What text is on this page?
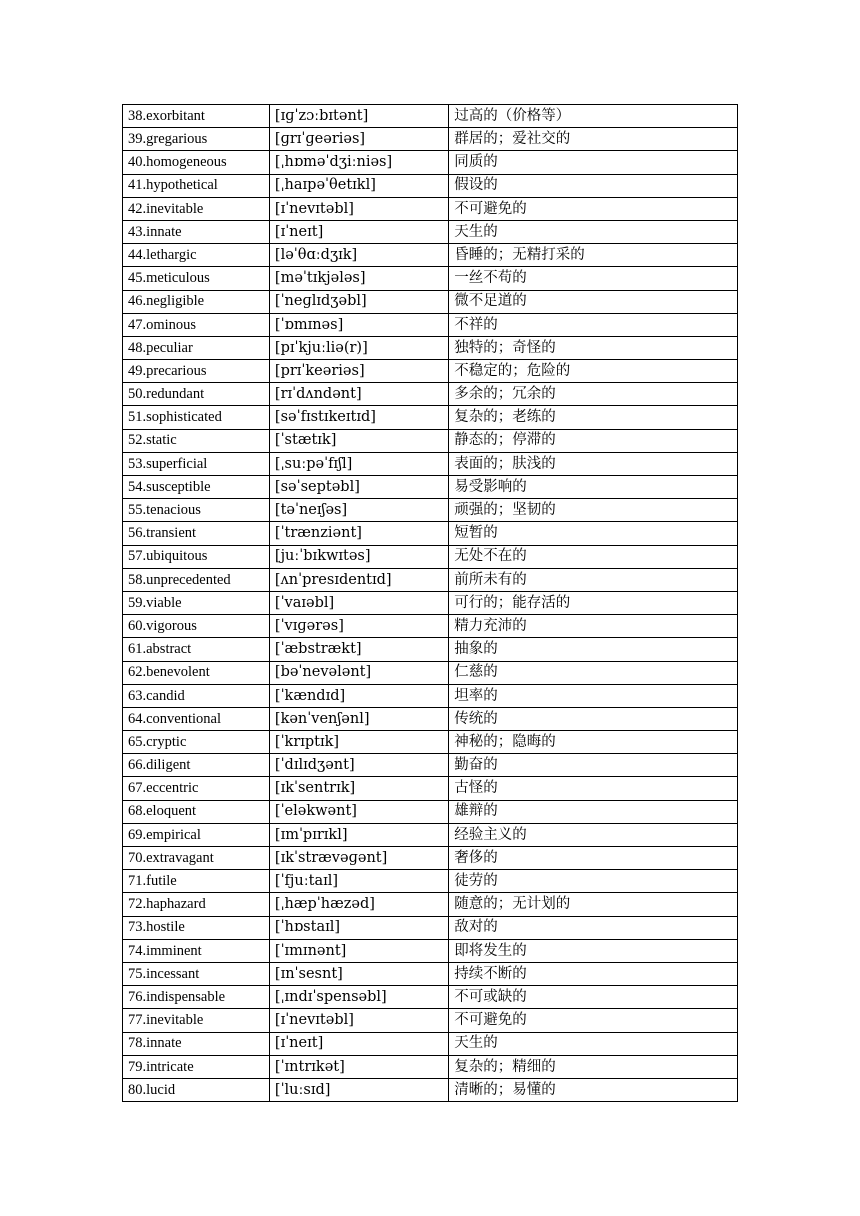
38.exorbitant	[ɪɡˈzɔːbɪtənt]	过高的（价格等）
39.gregarious	[ɡrɪˈɡeəriəs]	群居的；爱社交的
40.homogeneous	[ˌhɒməˈdʒiːniəs]	同质的
41.hypothetical	[ˌhaɪpəˈθetɪkl]	假设的
42.inevitable	[ɪˈnevɪtəbl]	不可避免的
43.innate	[ɪˈneɪt]	天生的
44.lethargic	[ləˈθɑːdʒɪk]	昏睡的；无精打采的
45.meticulous	[məˈtɪkjələs]	一丝不苟的
46.negligible	[ˈneɡlɪdʒəbl]	微不足道的
47.ominous	[ˈɒmɪnəs]	不祥的
48.peculiar	[pɪˈkjuːliə(r)]	独特的；奇怪的
49.precarious	[prɪˈkeəriəs]	不稳定的；危险的
50.redundant	[rɪˈdʌndənt]	多余的；冗余的
51.sophisticated	[səˈfɪstɪkeɪtɪd]	复杂的；老练的
52.static	[ˈstætɪk]	静态的；停滞的
53.superficial	[ˌsuːpəˈfɪʃl]	表面的；肤浅的
54.susceptible	[səˈseptəbl]	易受影响的
55.tenacious	[təˈneɪʃəs]	顽强的；坚韧的
56.transient	[ˈtrænziənt]	短暂的
57.ubiquitous	[juːˈbɪkwɪtəs]	无处不在的
58.unprecedented	[ʌnˈpresɪdentɪd]	前所未有的
59.viable	[ˈvaɪəbl]	可行的；能存活的
60.vigorous	[ˈvɪɡərəs]	精力充沛的
61.abstract	[ˈæbstrækt]	抽象的
62.benevolent	[bəˈnevələnt]	仁慈的
63.candid	[ˈkændɪd]	坦率的
64.conventional	[kənˈvenʃənl]	传统的
65.cryptic	[ˈkrɪptɪk]	神秘的；隐晦的
66.diligent	[ˈdɪlɪdʒənt]	勤奋的
67.eccentric	[ɪkˈsentrɪk]	古怪的
68.eloquent	[ˈeləkwənt]	雄辩的
69.empirical	[ɪmˈpɪrɪkl]	经验主义的
70.extravagant	[ɪkˈstrævəɡənt]	奢侈的
71.futile	[ˈfjuːtaɪl]	徒劳的
72.haphazard	[ˌhæpˈhæzəd]	随意的；无计划的
73.hostile	[ˈhɒstaɪl]	敌对的
74.imminent	[ˈɪmɪnənt]	即将发生的
75.incessant	[ɪnˈsesnt]	持续不断的
76.indispensable	[ˌɪndɪˈspensəbl]	不可或缺的
77.inevitable	[ɪˈnevɪtəbl]	不可避免的
78.innate	[ɪˈneɪt]	天生的
79.intricate	[ˈɪntrɪkət]	复杂的；精细的
80.lucid	[ˈluːsɪd]	清晰的；易懂的
